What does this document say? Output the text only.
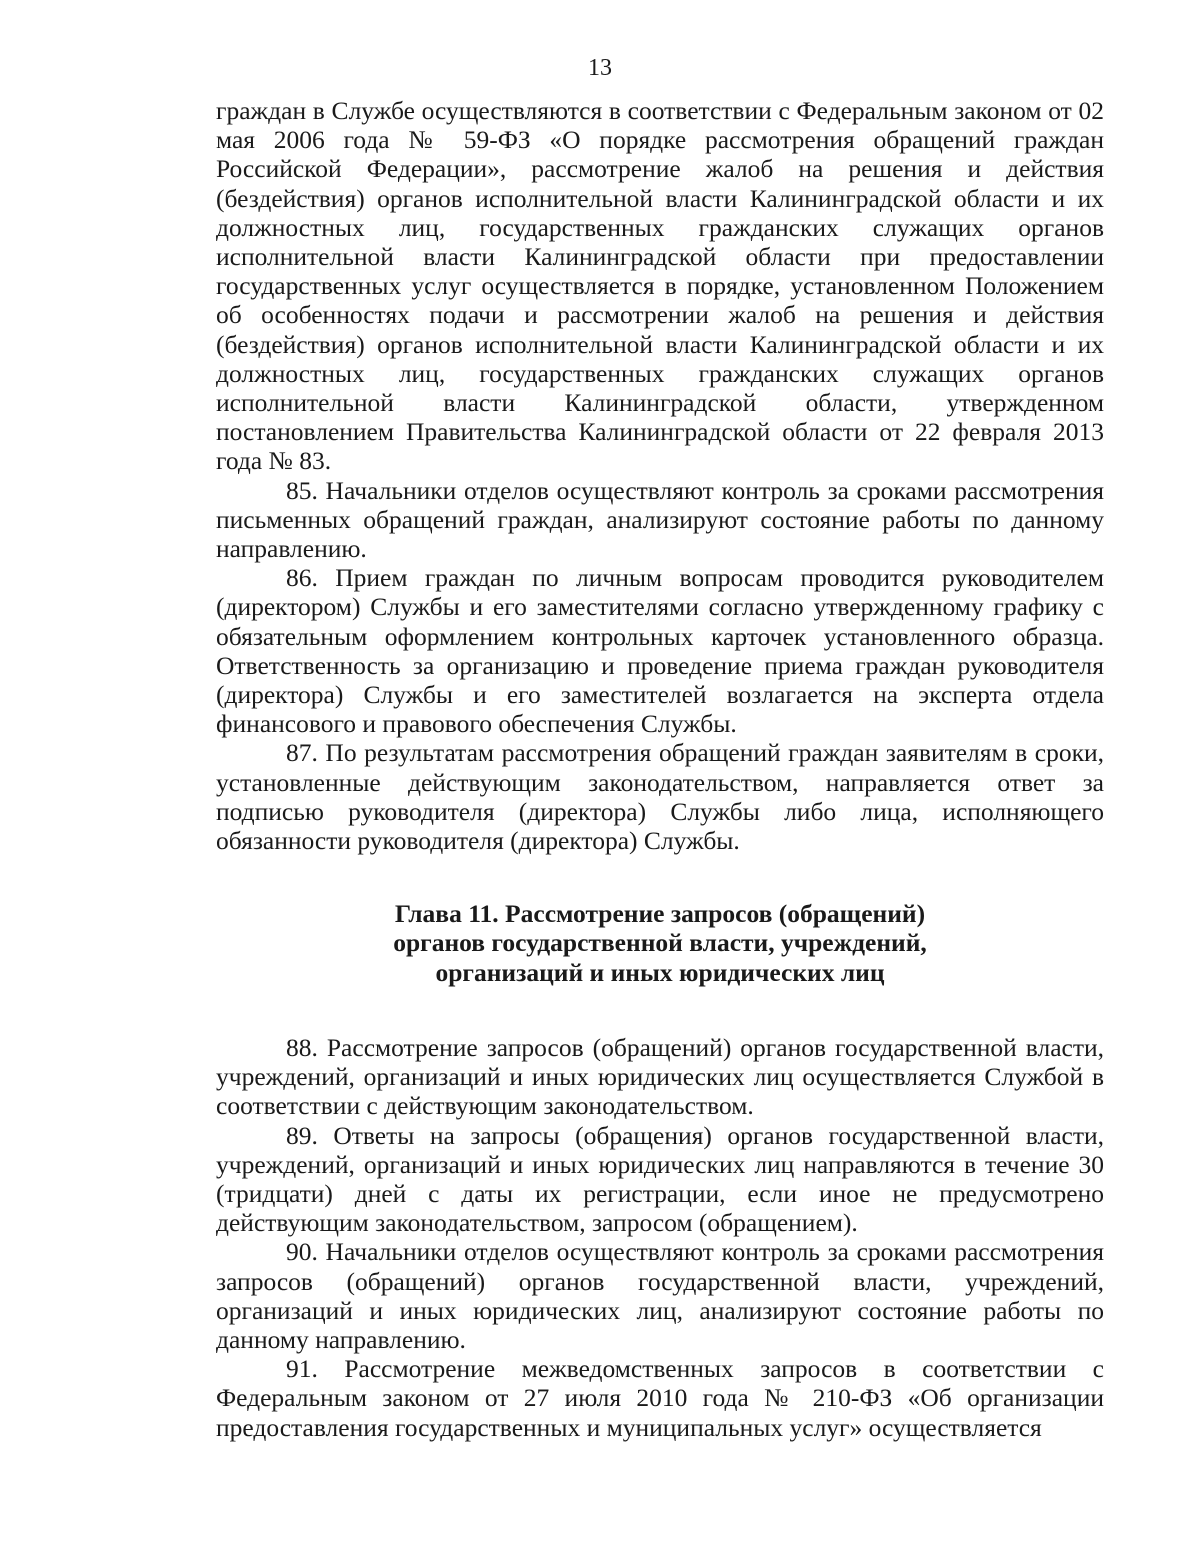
13

граждан в Службе осуществляются в соответствии с Федеральным законом от 02 мая 2006 года № 59-ФЗ «О порядке рассмотрения обращений граждан Российской Федерации», рассмотрение жалоб на решения и действия (бездействия) органов исполнительной власти Калининградской области и их должностных лиц, государственных гражданских служащих органов исполнительной власти Калининградской области при предоставлении государственных услуг осуществляется в порядке, установленном Положением об особенностях подачи и рассмотрении жалоб на решения и действия (бездействия) органов исполнительной власти Калининградской области и их должностных лиц, государственных гражданских служащих органов исполнительной власти Калининградской области, утвержденном постановлением Правительства Калининградской области от 22 февраля 2013 года № 83.

85. Начальники отделов осуществляют контроль за сроками рассмотрения письменных обращений граждан, анализируют состояние работы по данному направлению.

86. Прием граждан по личным вопросам проводится руководителем (директором) Службы и его заместителями согласно утвержденному графику с обязательным оформлением контрольных карточек установленного образца. Ответственность за организацию и проведение приема граждан руководителя (директора) Службы и его заместителей возлагается на эксперта отдела финансового и правового обеспечения Службы.

87. По результатам рассмотрения обращений граждан заявителям в сроки, установленные действующим законодательством, направляется ответ за подписью руководителя (директора) Службы либо лица, исполняющего обязанности руководителя (директора) Службы.

Глава 11. Рассмотрение запросов (обращений)
органов государственной власти, учреждений,
организаций и иных юридических лиц

88. Рассмотрение запросов (обращений) органов государственной власти, учреждений, организаций и иных юридических лиц осуществляется Службой в соответствии с действующим законодательством.

89. Ответы на запросы (обращения) органов государственной власти, учреждений, организаций и иных юридических лиц направляются в течение 30 (тридцати) дней с даты их регистрации, если иное не предусмотрено действующим законодательством, запросом (обращением).

90. Начальники отделов осуществляют контроль за сроками рассмотрения запросов (обращений) органов государственной власти, учреждений, организаций и иных юридических лиц, анализируют состояние работы по данному направлению.

91. Рассмотрение межведомственных запросов в соответствии с Федеральным законом от 27 июля 2010 года № 210-ФЗ «Об организации предоставления государственных и муниципальных услуг» осуществляется
